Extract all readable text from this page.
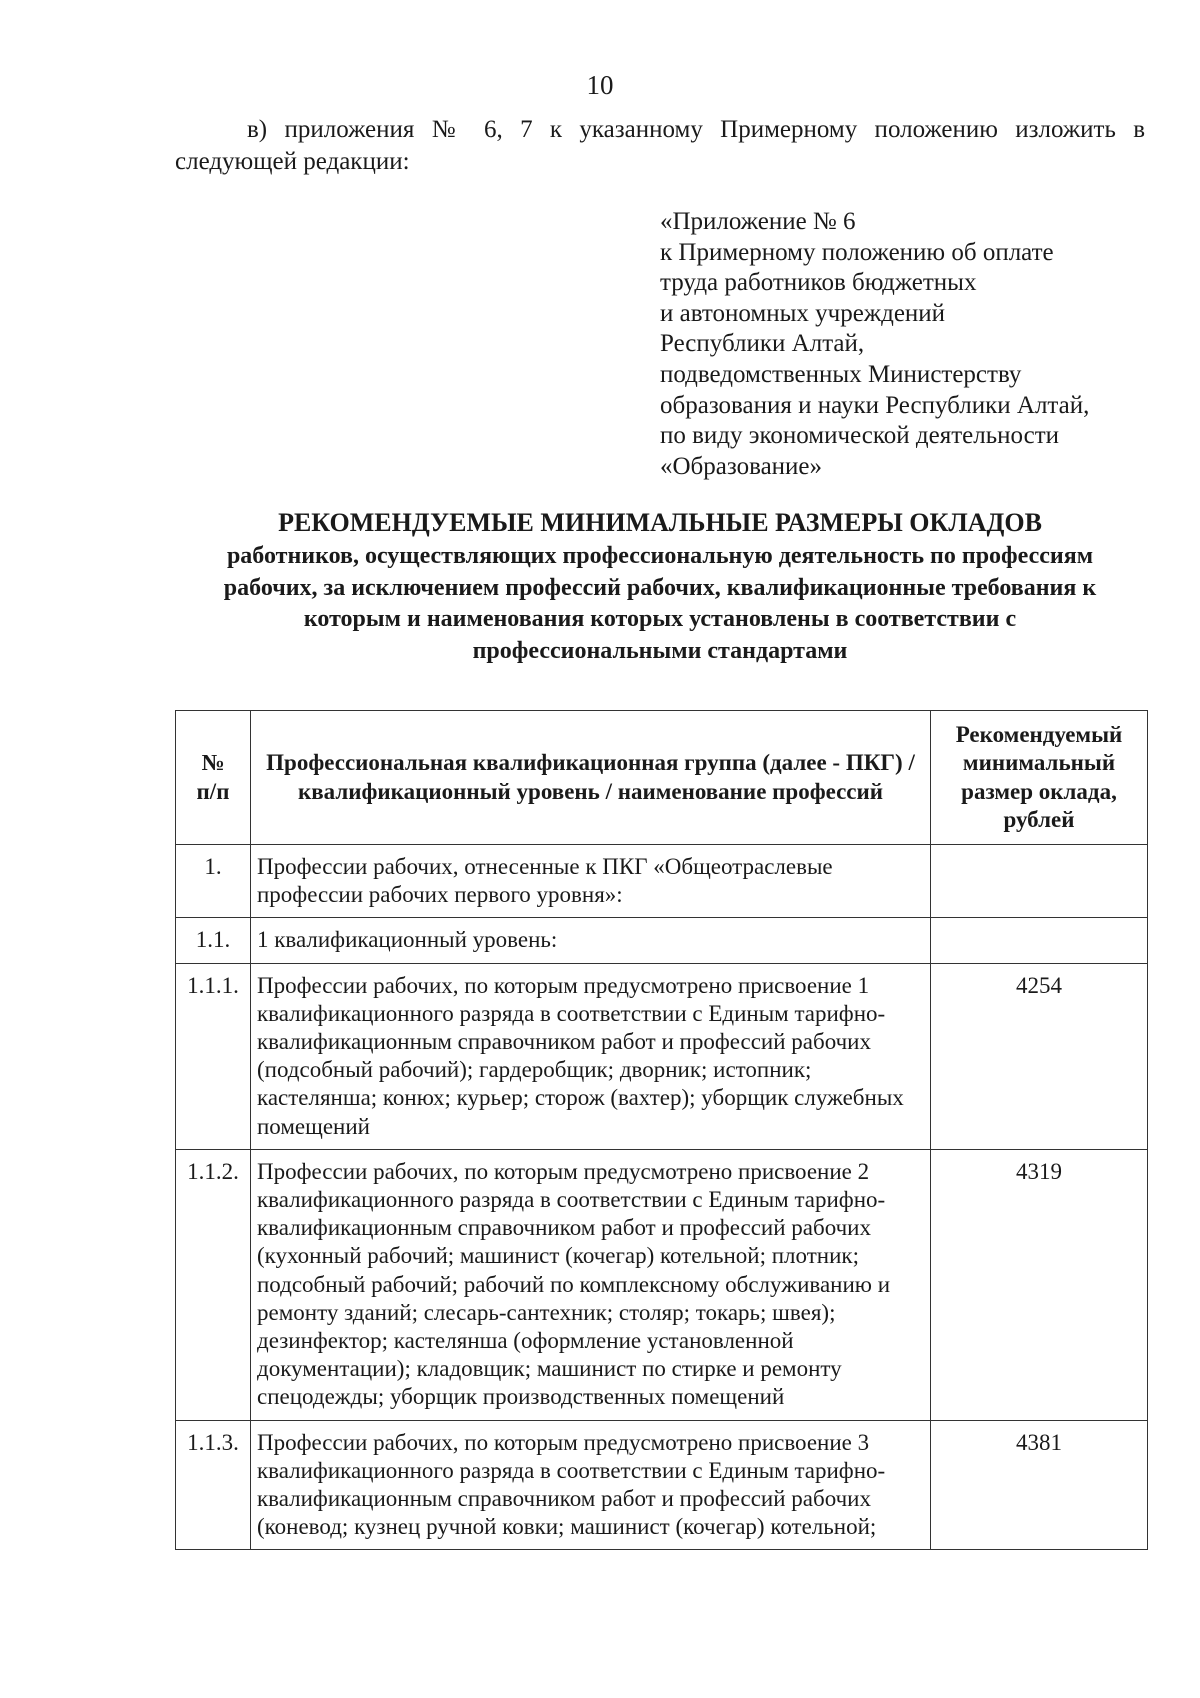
10

в) приложения № 6, 7 к указанному Примерному положению изложить в следующей редакции:

«Приложение № 6
к Примерному положению об оплате
труда работников бюджетных
и автономных учреждений
Республики Алтай,
подведомственных Министерству
образования и науки Республики Алтай,
по виду экономической деятельности
«Образование»
РЕКОМЕНДУЕМЫЕ МИНИМАЛЬНЫЕ РАЗМЕРЫ ОКЛАДОВ
работников, осуществляющих профессиональную деятельность по профессиям
рабочих, за исключением профессий рабочих, квалификационные требования к
которым и наименования которых установлены в соответствии с
профессиональными стандартами
№
п/п	Профессиональная квалификационная группа (далее - ПКГ) /квалификационный уровень / наименование профессий	Рекомендуемый минимальный размер оклада, рублей
1.	Профессии рабочих, отнесенные к ПКГ «Общеотраслевые профессии рабочих первого уровня»:	
1.1.	1 квалификационный уровень:	
1.1.1.	Профессии рабочих, по которым предусмотрено присвоение 1 квалификационного разряда в соответствии с Единым тарифно-квалификационным справочником работ и профессий рабочих (подсобный рабочий); гардеробщик; дворник; истопник; кастелянша; конюх; курьер; сторож (вахтер); уборщик служебных помещений	4254
1.1.2.	Профессии рабочих, по которым предусмотрено присвоение 2 квалификационного разряда в соответствии с Единым тарифно-квалификационным справочником работ и профессий рабочих (кухонный рабочий; машинист (кочегар) котельной; плотник; подсобный рабочий; рабочий по комплексному обслуживанию и ремонту зданий; слесарь-сантехник; столяр; токарь; швея); дезинфектор; кастелянша (оформление установленной документации); кладовщик; машинист по стирке и ремонту спецодежды; уборщик производственных помещений	4319
1.1.3.	Профессии рабочих, по которым предусмотрено присвоение 3 квалификационного разряда в соответствии с Единым тарифно-квалификационным справочником работ и профессий рабочих (коневод; кузнец ручной ковки; машинист (кочегар) котельной;	4381
